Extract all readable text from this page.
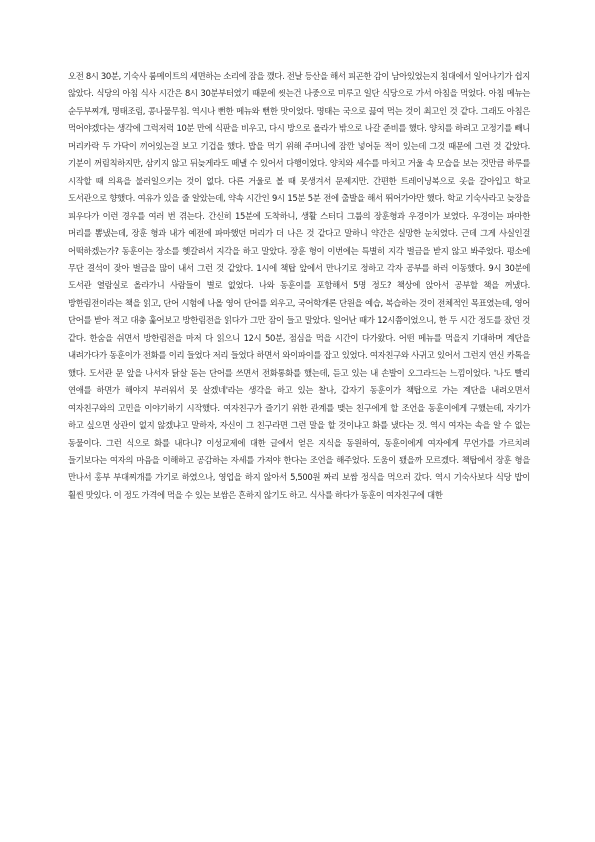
오전 8시 30분, 기숙사 룸메이트의 세면하는 소리에 잠을 깼다. 전날 등산을 해서 피곤한 감이 남아있었는지 침대에서 일어나기가 쉽지 않았다. 식당의 아침 식사 시간은 8시 30분부터였기 때문에 씻는건 나중으로 미루고 일단 식당으로 가서 아침을 먹었다. 아침 메뉴는 순두부찌개, 명태조림, 콩나물무침. 역시나 뻔한 메뉴와 뻔한 맛이었다. 명태는 국으로 끓여 먹는 것이 최고인 것 같다. 그래도 아침은 먹어야겠다는 생각에 그럭저럭 10분 만에 식판을 비우고, 다시 방으로 올라가 밖으로 나갈 준비를 했다. 양치를 하려고 고정기를 빼니 머리카락 두 가닥이 끼어있는걸 보고 기겁을 했다. 밥을 먹기 위해 주머니에 잠깐 넣어둔 적이 있는데 그것 때문에 그런 것 같았다. 기분이 꺼림칙하지만, 삼키지 않고 뒤늦게라도 떼낼 수 있어서 다행이었다. 양치와 세수를 마치고 거울 속 모습을 보는 것만큼 하루를 시작할 때 의욕을 불러일으키는 것이 없다. 다른 거울로 볼 때 못생겨서 문제지만. 간편한 트레이닝복으로 옷을 갈아입고 학교 도서관으로 향했다. 여유가 있을 줄 알았는데, 약속 시간인 9시 15분 5분 전에 출발을 해서 뛰어가야만 했다. 학교 기숙사라고 늦장을 피우다가 이런 경우를 여러 번 겪는다. 간신히 15분에 도착하니, 생활 스터디 그룹의 장훈형과 우경이가 보였다. 우경이는 파마한 머리를 뽐냈는데, 장훈 형과 내가 예전에 파마했던 머리가 더 나은 것 같다고 말하니 약간은 실망한 눈치였다. 근데 그게 사실인걸 어떡하겠는가? 동훈이는 장소를 헷갈려서 지각을 하고 말았다. 장훈 형이 이번에는 특별히 지각 벌금을 받지 않고 봐주었다. 평소에 무단 결석이 잦아 벌금을 많이 내서 그런 것 같았다. 1시에 책탑 앞에서 만나기로 정하고 각자 공부를 하러 이동했다. 9시 30분에 도서관 열람실로 올라가니 사람들이 별로 없었다. 나와 동훈이를 포함해서 5명 정도? 책상에 앉아서 공부할 책을 꺼냈다. 방한림전이라는 책을 읽고, 단어 시험에 나올 영어 단어를 외우고, 국어학개론 단원을 예습, 복습하는 것이 전체적인 목표였는데, 영어 단어를 받아 적고 대충 훑어보고 방한림전을 읽다가 그만 잠이 들고 말았다. 일어난 때가 12시쯤이었으니, 한 두 시간 정도를 잤던 것 같다. 한숨을 쉬면서 방한림전을 마저 다 읽으니 12시 50분, 점심을 먹을 시간이 다가왔다. 어떤 메뉴를 먹을지 기대하며 계단을 내려가다가 동훈이가 전화를 이리 들었다 저리 들었다 하면서 와이파이를 잡고 있었다. 여자친구와 사귀고 있어서 그런지 연신 카톡을 했다. 도서관 문 앞을 나서자 닭살 돋는 단어를 쓰면서 전화통화를 했는데, 듣고 있는 내 손발이 오그라드는 느낌이었다. '나도 빨리 연애를 하면가 해야지 부러워서 못 살겠네'라는 생각을 하고 있는 찰나, 갑자기 동훈이가 책탑으로 가는 계단을 내려오면서 여자친구와의 고민을 이야기하기 시작했다. 여자친구가 즐기기 위한 관계를 맺는 친구에게 할 조언을 동훈이에게 구했는데, 자기가 하고 싶으면 상관이 없지 않겠냐고 말하자, 자신이 그 친구라면 그런 말을 할 것이냐고 화를 냈다는 것. 역시 여자는 속을 알 수 없는 동물이다. 그런 식으로 화를 내다니? 이성교제에 대한 글에서 얻은 지식을 동원하여, 동훈이에게 여자에게 무언가를 가르치려 들기보다는 여자의 마음을 이해하고 공감하는 자세를 가져야 한다는 조언을 해주었다. 도움이 됐을까 모르겠다. 책탑에서 장훈 형을 만나서 홍부 부대찌개를 가기로 하였으나, 영업을 하지 않아서 5,500원 짜리 보쌈 정식을 먹으러 갔다. 역시 기숙사보다 식당 밥이 훨씬 맛있다. 이 정도 가격에 먹을 수 있는 보쌈은 흔하지 않기도 하고. 식사를 하다가 동훈이 여자친구에 대한
